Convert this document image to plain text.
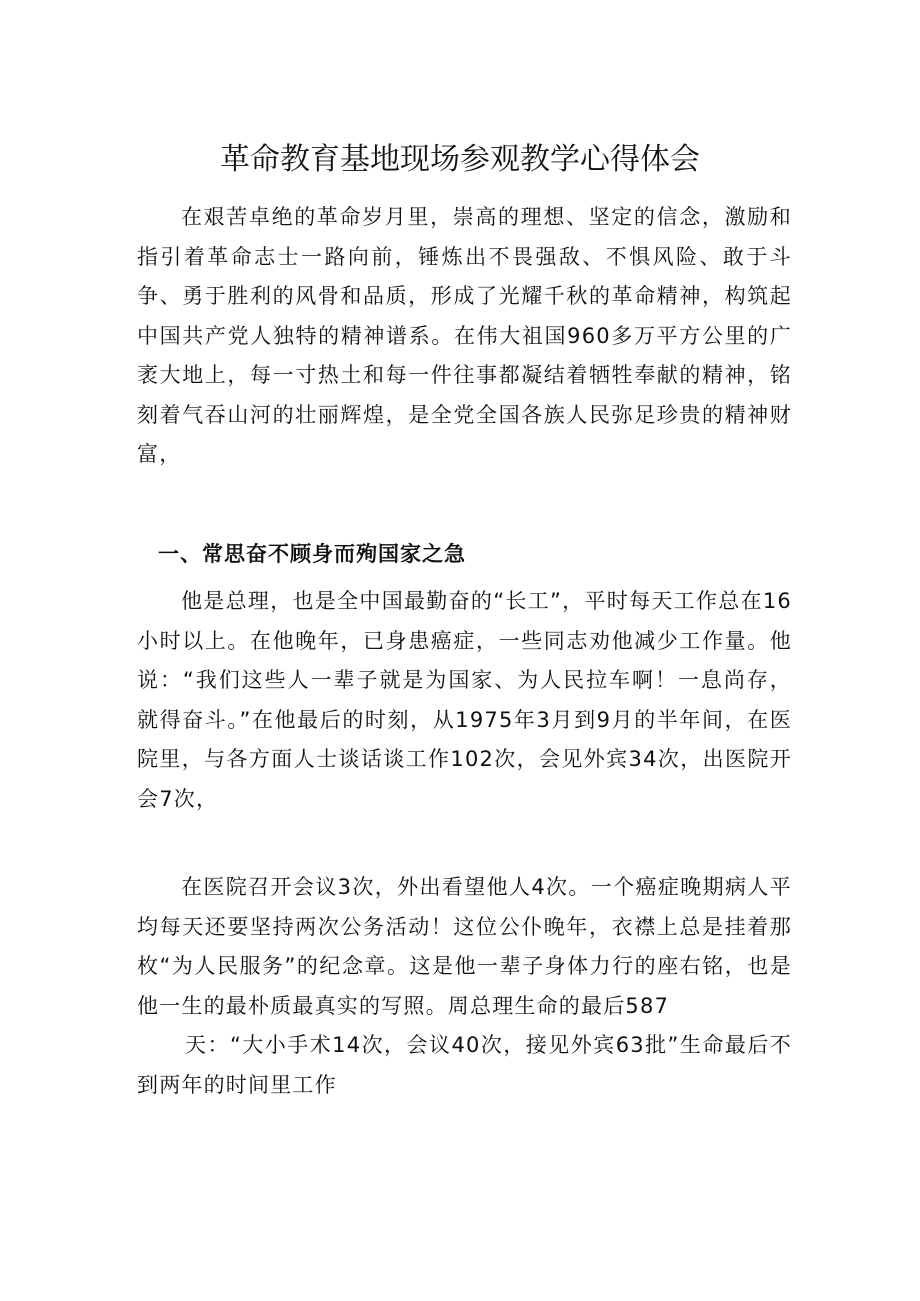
革命教育基地现场参观教学心得体会

在艰苦卓绝的革命岁月里，崇高的理想、坚定的信念，激励和指引着革命志士一路向前，锤炼出不畏强敌、不惧风险、敢于斗争、勇于胜利的风骨和品质，形成了光耀千秋的革命精神，构筑起中国共产党人独特的精神谱系。在伟大祖国960多万平方公里的广袤大地上，每一寸热土和每一件往事都凝结着牺牲奉献的精神，铭刻着气吞山河的壮丽辉煌，是全党全国各族人民弥足珍贵的精神财富，

一、常思奋不顾身而殉国家之急

他是总理，也是全中国最勤奋的“长工”，平时每天工作总在16小时以上。在他晚年，已身患癌症，一些同志劝他减少工作量。他说：“我们这些人一辈子就是为国家、为人民拉车啊！一息尚存，就得奋斗。”在他最后的时刻，从1975年3月到9月的半年间，在医院里，与各方面人士谈话谈工作102次，会见外宾34次，出医院开会7次，

在医院召开会议3次，外出看望他人4次。一个癌症晚期病人平均每天还要坚持两次公务活动！这位公仆晚年，衣襟上总是挂着那枚“为人民服务”的纪念章。这是他一辈子身体力行的座右铭，也是他一生的最朴质最真实的写照。周总理生命的最后587
天：“大小手术14次，会议40次，接见外宾63批”生命最后不到两年的时间里工作
